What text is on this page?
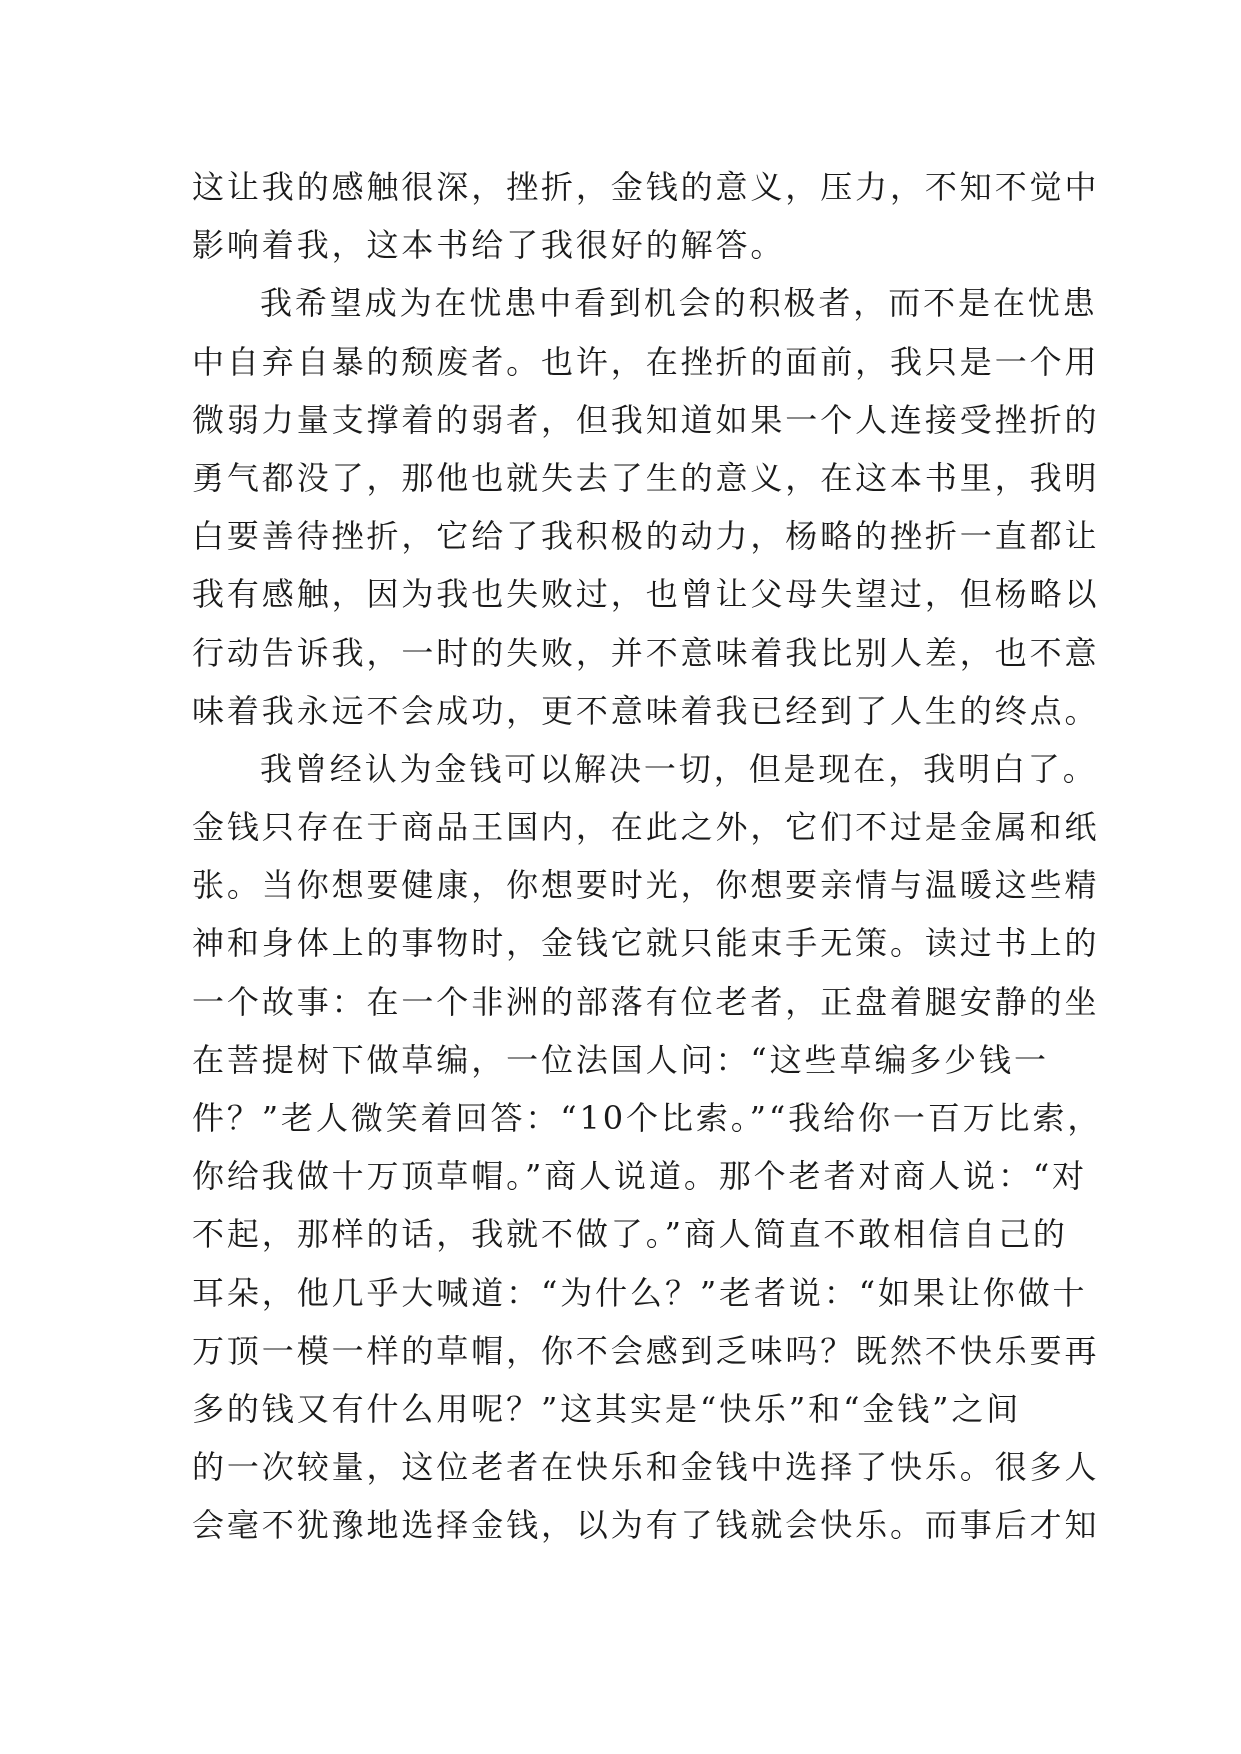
这让我的感触很深，挫折，金钱的意义，压力，不知不觉中
影响着我，这本书给了我很好的解答。
我希望成为在忧患中看到机会的积极者，而不是在忧患
中自弃自暴的颓废者。也许，在挫折的面前，我只是一个用
微弱力量支撑着的弱者，但我知道如果一个人连接受挫折的
勇气都没了，那他也就失去了生的意义，在这本书里，我明
白要善待挫折，它给了我积极的动力，杨略的挫折一直都让
我有感触，因为我也失败过，也曾让父母失望过，但杨略以
行动告诉我，一时的失败，并不意味着我比别人差，也不意
味着我永远不会成功，更不意味着我已经到了人生的终点。
我曾经认为金钱可以解决一切，但是现在，我明白了。
金钱只存在于商品王国内，在此之外，它们不过是金属和纸
张。当你想要健康，你想要时光，你想要亲情与温暖这些精
神和身体上的事物时，金钱它就只能束手无策。读过书上的
一个故事：在一个非洲的部落有位老者，正盘着腿安静的坐
在菩提树下做草编，一位法国人问：“这些草编多少钱一
件？”老人微笑着回答：“10个比索。”“我给你一百万比索，
你给我做十万顶草帽。”商人说道。那个老者对商人说：“对
不起，那样的话，我就不做了。”商人简直不敢相信自己的
耳朵，他几乎大喊道：“为什么？”老者说：“如果让你做十
万顶一模一样的草帽，你不会感到乏味吗？既然不快乐要再
多的钱又有什么用呢？”这其实是“快乐”和“金钱”之间
的一次较量，这位老者在快乐和金钱中选择了快乐。很多人
会毫不犹豫地选择金钱，以为有了钱就会快乐。而事后才知
